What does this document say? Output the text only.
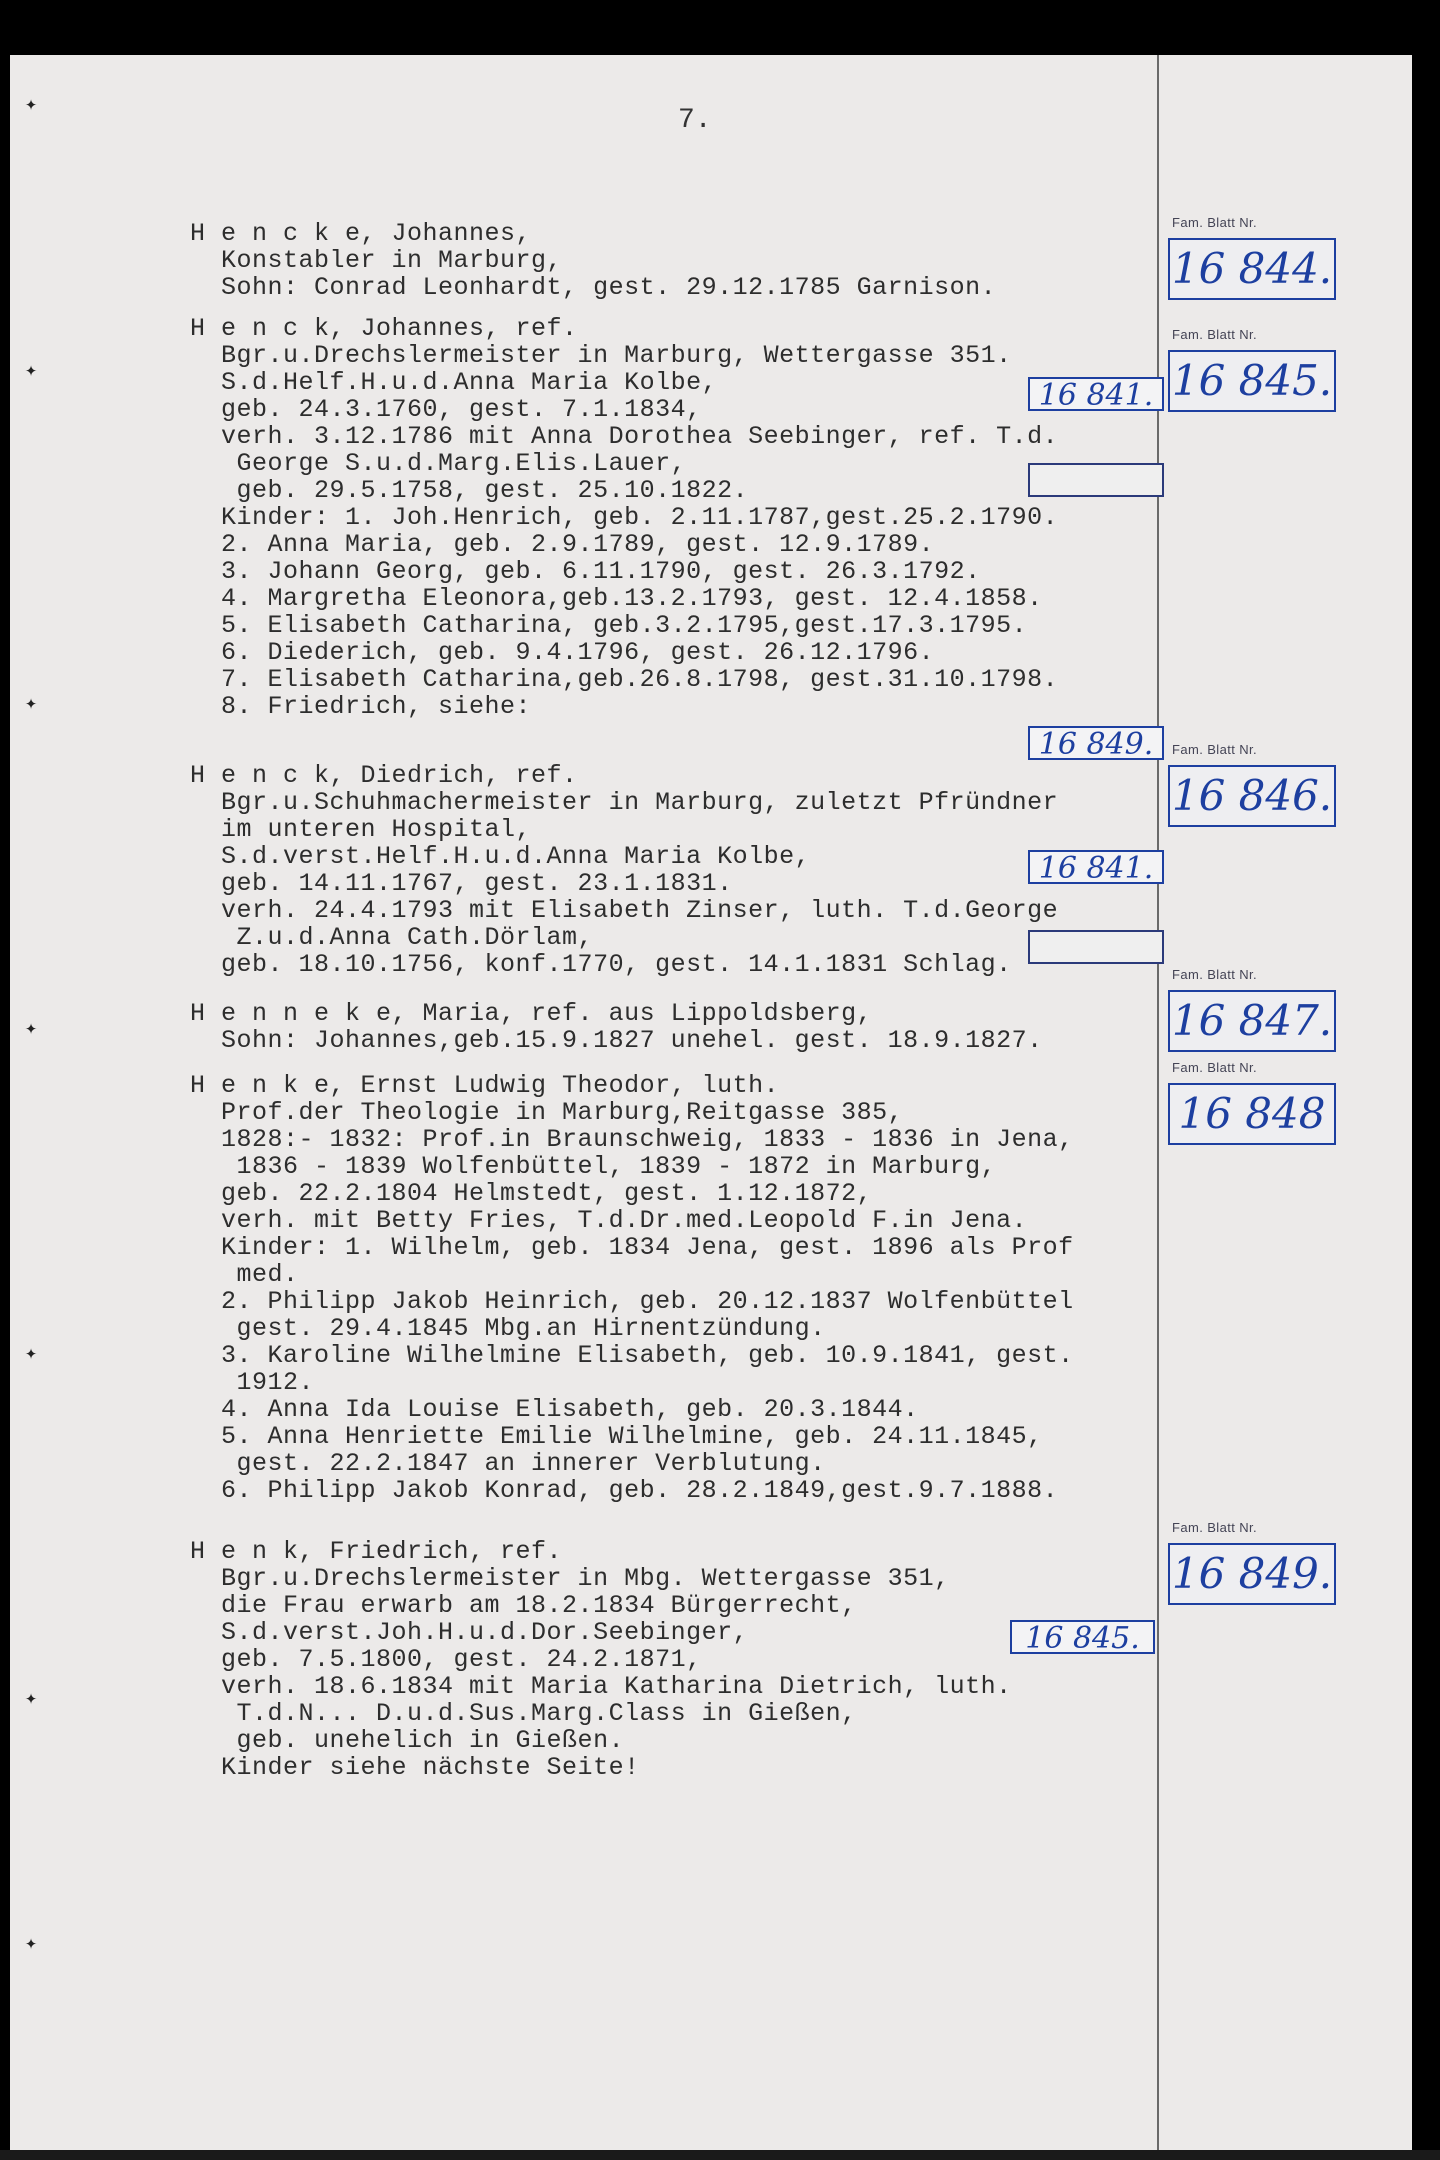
✦
✦
✦
✦
✦
✦
✦
7.
H e n c k e, Johannes,
Konstabler in Marburg,
Sohn: Conrad Leonhardt, gest. 29.12.1785 Garnison.
H e n c k, Johannes, ref.
Bgr.u.Drechslermeister in Marburg, Wettergasse 351.
S.d.Helf.H.u.d.Anna Maria Kolbe,
geb. 24.3.1760, gest. 7.1.1834,
verh. 3.12.1786 mit Anna Dorothea Seebinger, ref. T.d.
George S.u.d.Marg.Elis.Lauer,
geb. 29.5.1758, gest. 25.10.1822.
Kinder: 1. Joh.Henrich, geb. 2.11.1787,gest.25.2.1790.
2. Anna Maria, geb. 2.9.1789, gest. 12.9.1789.
3. Johann Georg, geb. 6.11.1790, gest. 26.3.1792.
4. Margretha Eleonora,geb.13.2.1793, gest. 12.4.1858.
5. Elisabeth Catharina, geb.3.2.1795,gest.17.3.1795.
6. Diederich, geb. 9.4.1796, gest. 26.12.1796.
7. Elisabeth Catharina,geb.26.8.1798, gest.31.10.1798.
8. Friedrich, siehe:
16 841.
16 849.
H e n c k, Diedrich, ref.
Bgr.u.Schuhmachermeister in Marburg, zuletzt Pfründner
im unteren Hospital,
S.d.verst.Helf.H.u.d.Anna Maria Kolbe,
geb. 14.11.1767, gest. 23.1.1831.
verh. 24.4.1793 mit Elisabeth Zinser, luth. T.d.George
Z.u.d.Anna Cath.Dörlam,
geb. 18.10.1756, konf.1770, gest. 14.1.1831 Schlag.
16 841.
H e n n e k e, Maria, ref. aus Lippoldsberg,
Sohn: Johannes,geb.15.9.1827 unehel. gest. 18.9.1827.
H e n k e, Ernst Ludwig Theodor, luth.
Prof.der Theologie in Marburg,Reitgasse 385,
1828:- 1832: Prof.in Braunschweig, 1833 - 1836 in Jena,
1836 - 1839 Wolfenbüttel, 1839 - 1872 in Marburg,
geb. 22.2.1804 Helmstedt, gest. 1.12.1872,
verh. mit Betty Fries, T.d.Dr.med.Leopold F.in Jena.
Kinder: 1. Wilhelm, geb. 1834 Jena, gest. 1896 als Prof
med.
2. Philipp Jakob Heinrich, geb. 20.12.1837 Wolfenbüttel
gest. 29.4.1845 Mbg.an Hirnentzündung.
3. Karoline Wilhelmine Elisabeth, geb. 10.9.1841, gest.
1912.
4. Anna Ida Louise Elisabeth, geb. 20.3.1844.
5. Anna Henriette Emilie Wilhelmine, geb. 24.11.1845,
gest. 22.2.1847 an innerer Verblutung.
6. Philipp Jakob Konrad, geb. 28.2.1849,gest.9.7.1888.
H e n k, Friedrich, ref.
Bgr.u.Drechslermeister in Mbg. Wettergasse 351,
die Frau erwarb am 18.2.1834 Bürgerrecht,
S.d.verst.Joh.H.u.d.Dor.Seebinger,
geb. 7.5.1800, gest. 24.2.1871,
verh. 18.6.1834 mit Maria Katharina Dietrich, luth.
T.d.N... D.u.d.Sus.Marg.Class in Gießen,
geb. unehelich in Gießen.
Kinder siehe nächste Seite!
16 845.
Fam. Blatt Nr.
16 844.
Fam. Blatt Nr.
16 845.
Fam. Blatt Nr.
16 846.
Fam. Blatt Nr.
16 847.
Fam. Blatt Nr.
16 848
Fam. Blatt Nr.
16 849.
